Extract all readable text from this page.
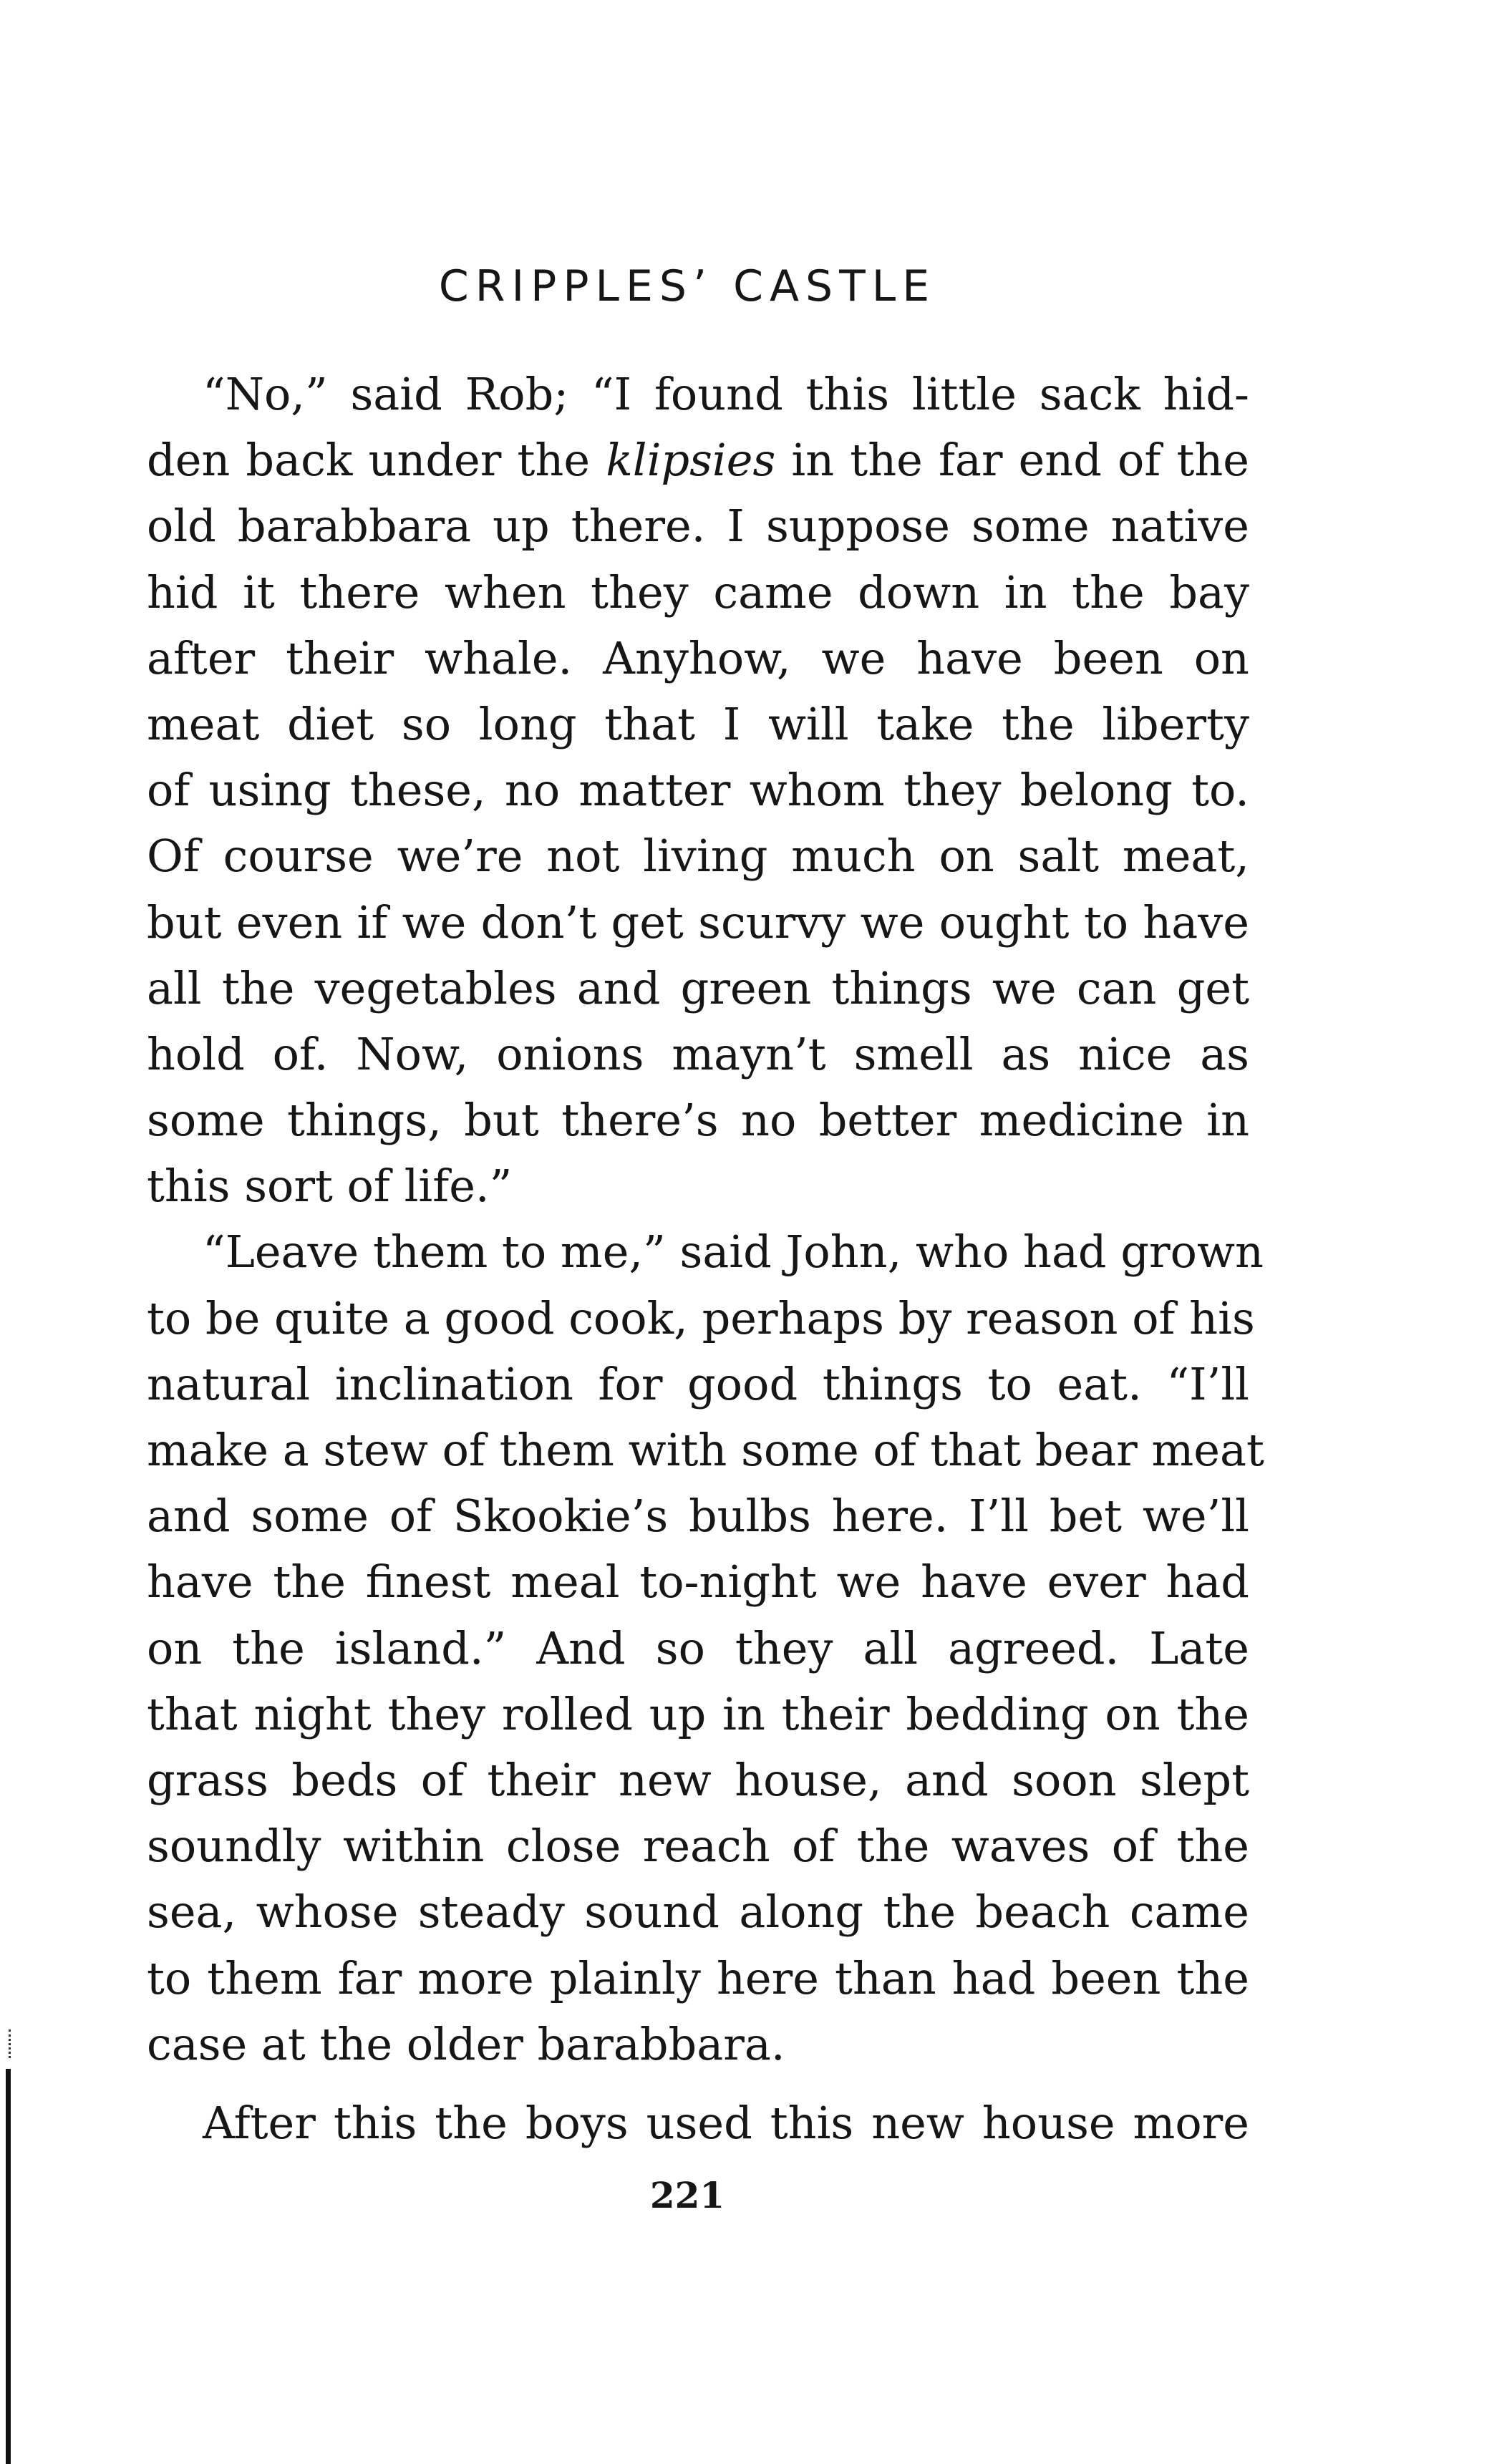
CRIPPLES’ CASTLE
“No,” said Rob; “I found this little sack hid-
den back under the klipsies in the far end of the
old barabbara up there. I suppose some native
hid it there when they came down in the bay
after their whale. Anyhow, we have been on
meat diet so long that I will take the liberty
of using these, no matter whom they belong to.
Of course we’re not living much on salt meat,
but even if we don’t get scurvy we ought to have
all the vegetables and green things we can get
hold of. Now, onions mayn’t smell as nice as
some things, but there’s no better medicine in
this sort of life.”
“Leave them to me,” said John, who had grown
to be quite a good cook, perhaps by reason of his
natural inclination for good things to eat. “I’ll
make a stew of them with some of that bear meat
and some of Skookie’s bulbs here. I’ll bet we’ll
have the finest meal to-night we have ever had
on the island.” And so they all agreed. Late
that night they rolled up in their bedding on the
grass beds of their new house, and soon slept
soundly within close reach of the waves of the
sea, whose steady sound along the beach came
to them far more plainly here than had been the
case at the older barabbara.
After this the boys used this new house more
221
